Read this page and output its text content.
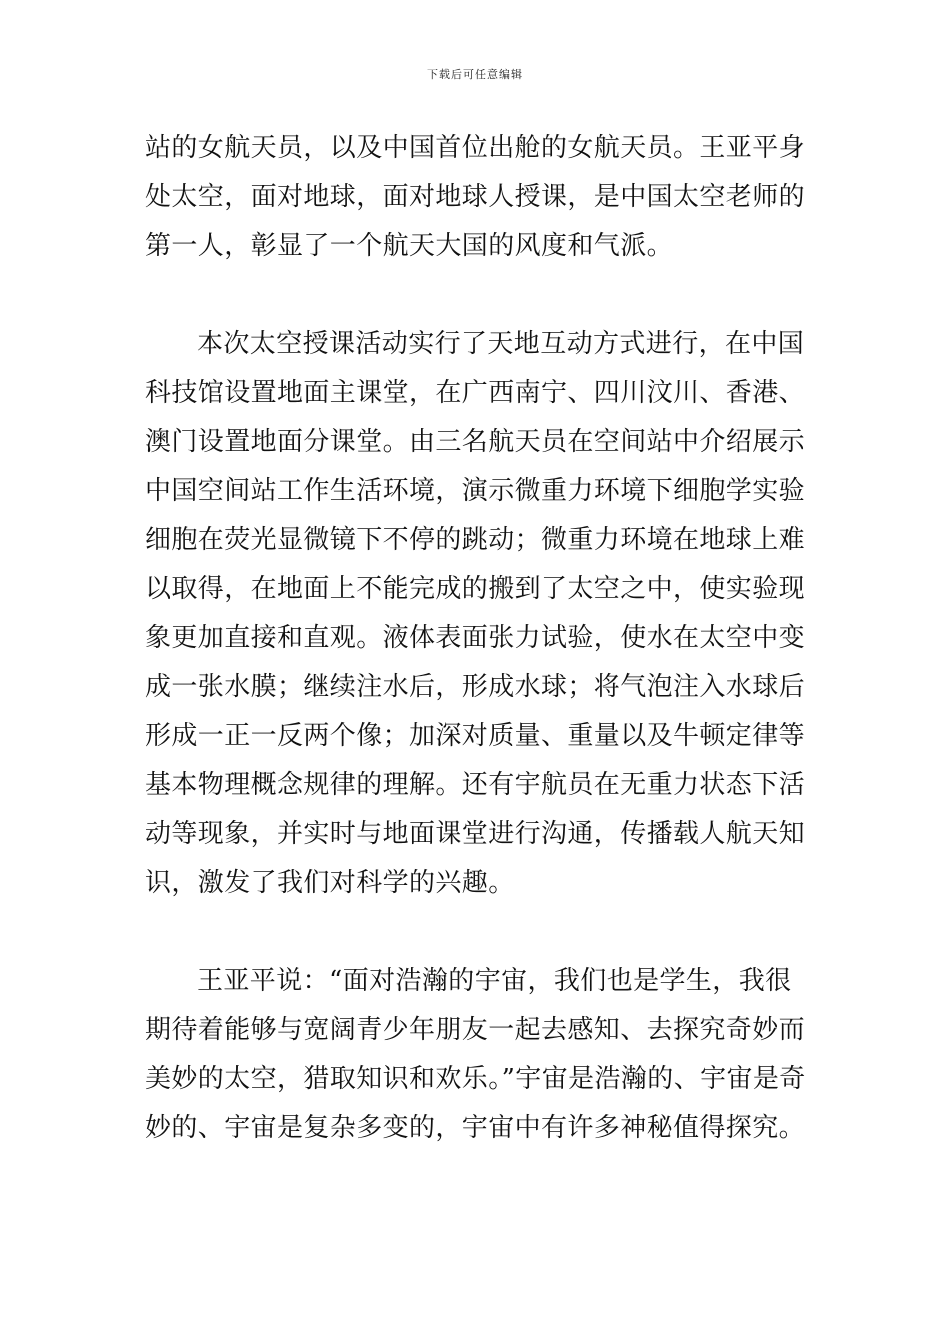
下载后可任意编辑

站的女航天员，以及中国首位出舱的女航天员。王亚平身处太空，面对地球，面对地球人授课，是中国太空老师的第一人，彰显了一个航天大国的风度和气派。

本次太空授课活动实行了天地互动方式进行，在中国科技馆设置地面主课堂，在广西南宁、四川汶川、香港、澳门设置地面分课堂。由三名航天员在空间站中介绍展示中国空间站工作生活环境，演示微重力环境下细胞学实验细胞在荧光显微镜下不停的跳动；微重力环境在地球上难以取得，在地面上不能完成的搬到了太空之中，使实验现象更加直接和直观。液体表面张力试验，使水在太空中变成一张水膜；继续注水后，形成水球；将气泡注入水球后形成一正一反两个像；加深对质量、重量以及牛顿定律等基本物理概念规律的理解。还有宇航员在无重力状态下活动等现象，并实时与地面课堂进行沟通，传播载人航天知识，激发了我们对科学的兴趣。

王亚平说：“面对浩瀚的宇宙，我们也是学生，我很期待着能够与宽阔青少年朋友一起去感知、去探究奇妙而美妙的太空，猎取知识和欢乐。”宇宙是浩瀚的、宇宙是奇妙的、宇宙是复杂多变的，宇宙中有许多神秘值得探究。
